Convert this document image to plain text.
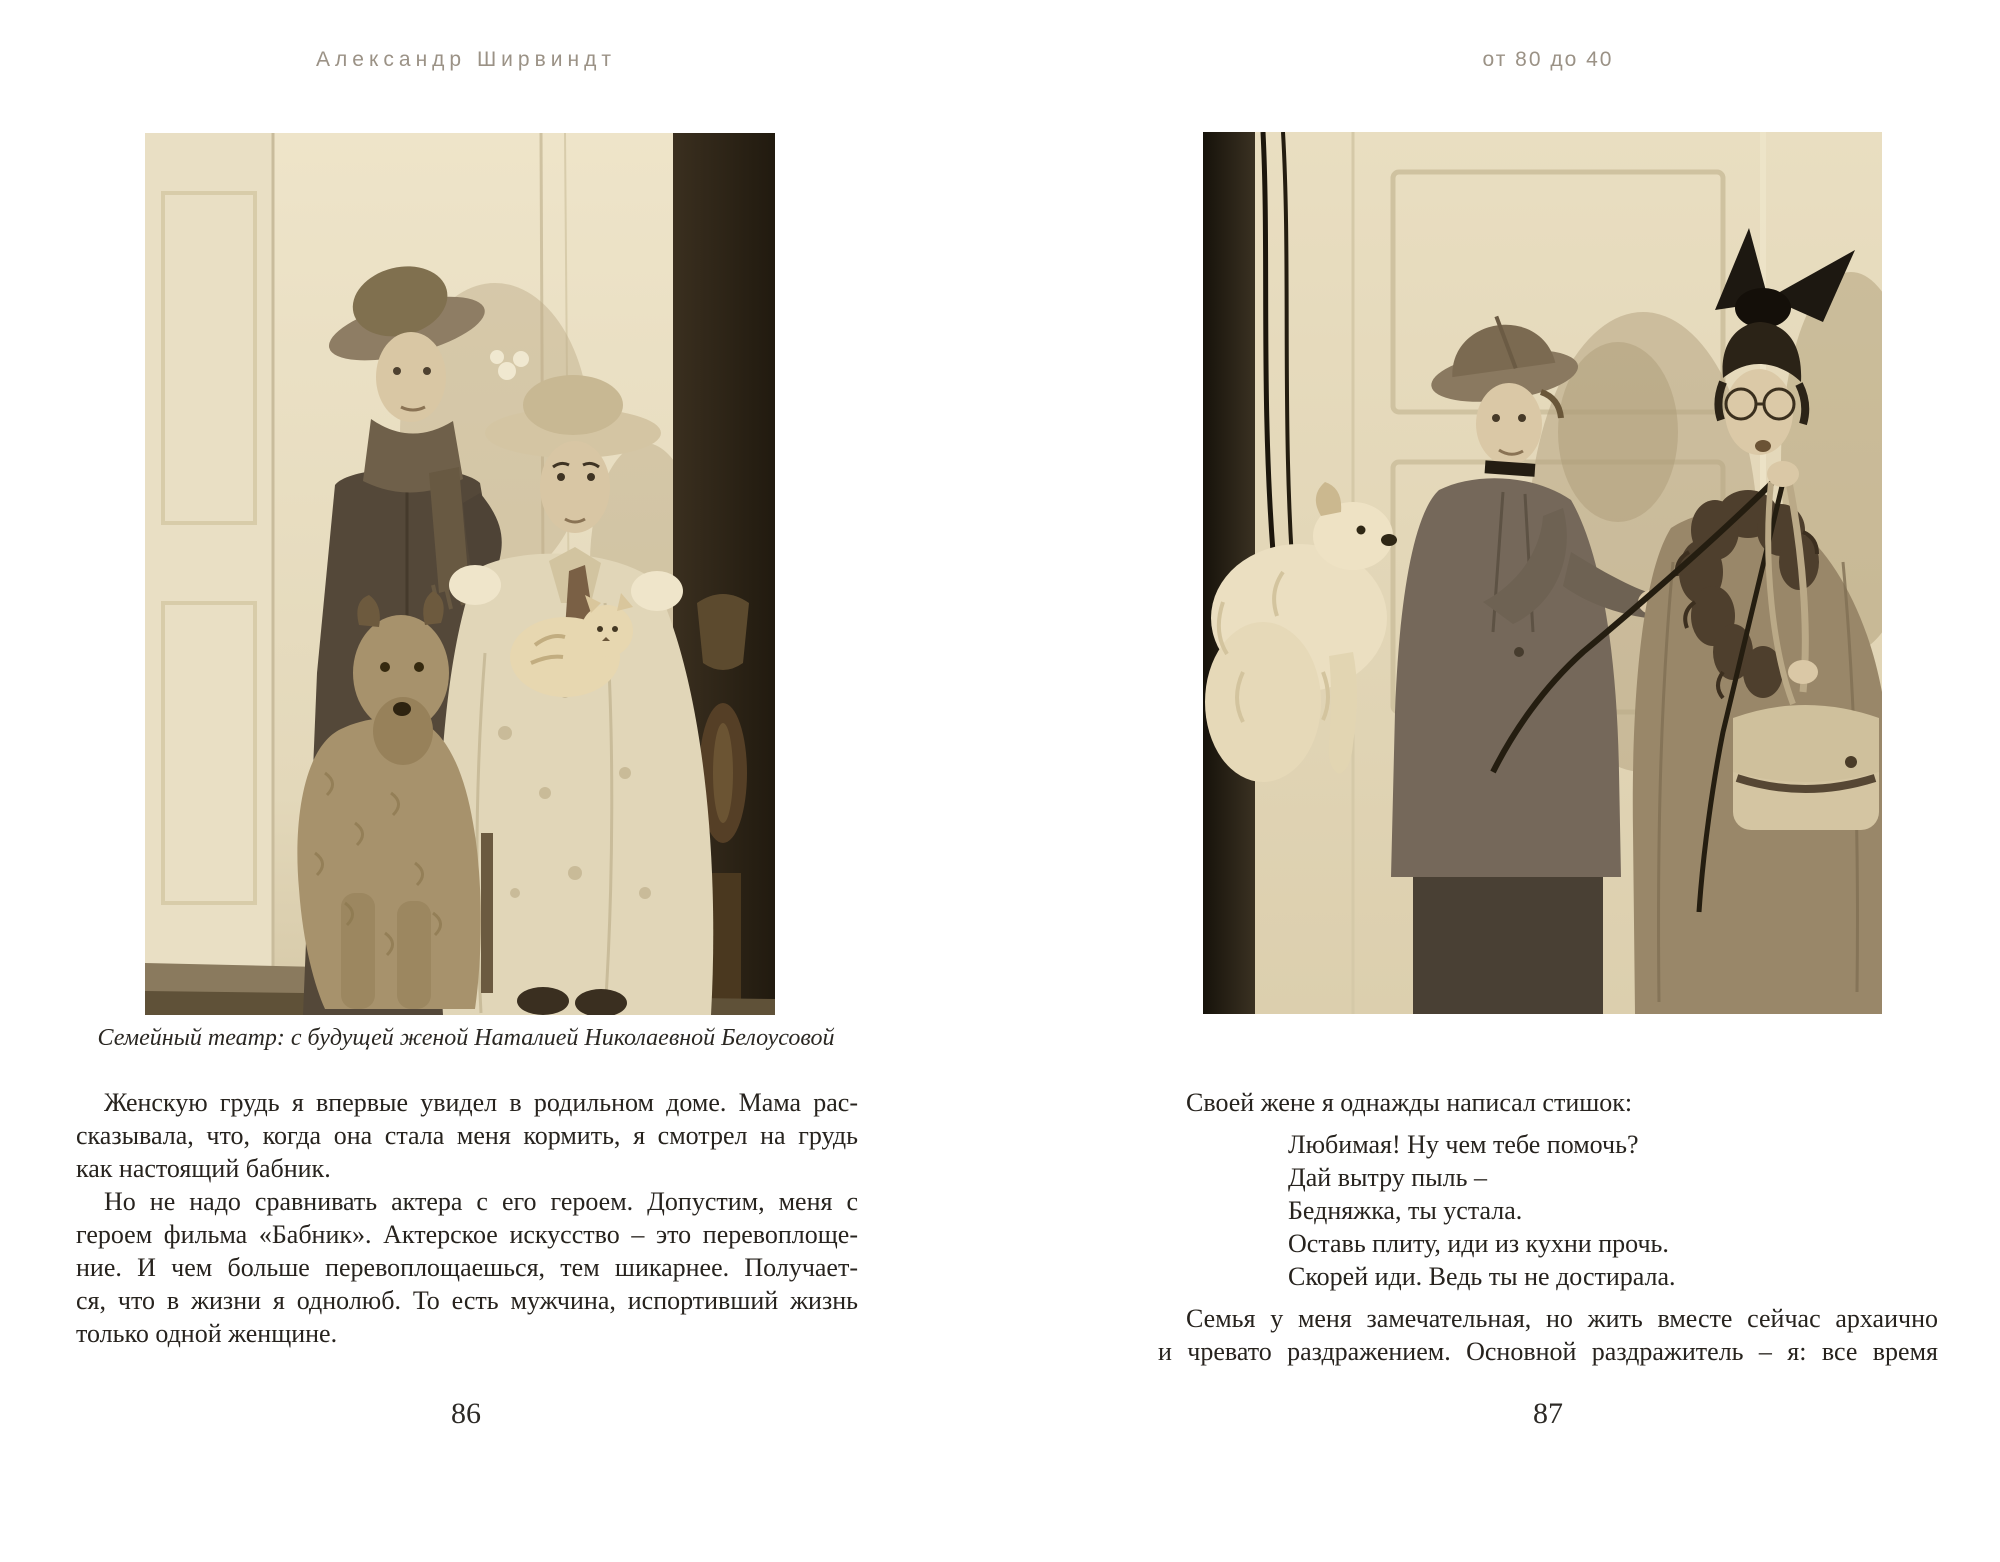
Александр Ширвиндт
Семейный театр: с будущей женой Наталией Николаевной Белоусовой
Женскую грудь я впервые увидел в родильном доме. Мама рас-
сказывала, что, когда она стала меня кормить, я смотрел на грудь
как настоящий бабник.
Но не надо сравнивать актера с его героем. Допустим, меня с
героем фильма «Бабник». Актерское искусство – это перевоплоще-
ние. И чем больше перевоплощаешься, тем шикарнее. Получает-
ся, что в жизни я однолюб. То есть мужчина, испортивший жизнь
только одной женщине.
86
от 80 до 40
Своей жене я однажды написал стишок:
Любимая! Ну чем тебе помочь?
Дай вытру пыль –
Бедняжка, ты устала.
Оставь плиту, иди из кухни прочь.
Скорей иди. Ведь ты не достирала.
Семья у меня замечательная, но жить вместе сейчас архаично
и чревато раздражением. Основной раздражитель – я: все время
87
